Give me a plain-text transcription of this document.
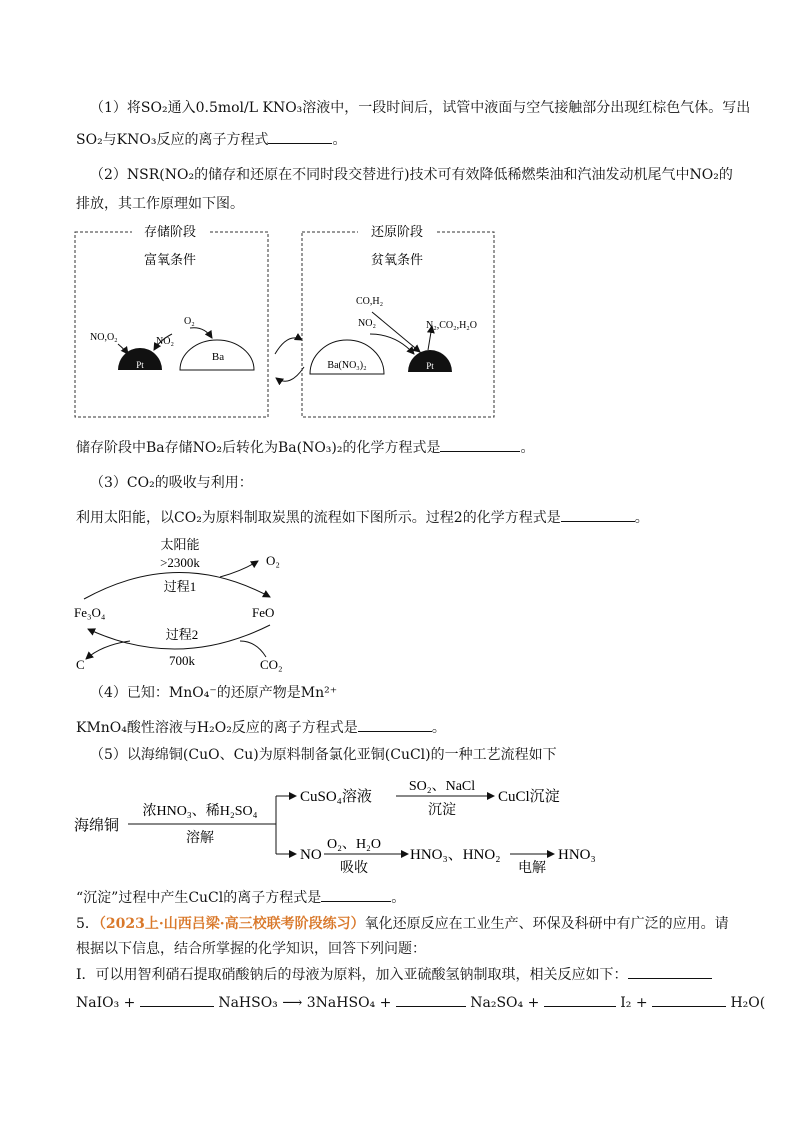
（1）将SO₂通入0.5mol/L KNO₃溶液中，一段时间后，试管中液面与空气接触部分出现红棕色气体。写出
SO₂与KNO₃反应的离子方程式	。
（2）NSR(NO₂的储存和还原在不同时段交替进行)技术可有效降低稀燃柴油和汽油发动机尾气中NO₂的
排放，其工作原理如下图。
存储阶段
富氧条件
Pt
Ba
NO,O₂	NO₂
O₂
还原阶段
贫氧条件
Ba(NO₃)₂	Pt
CO,H₂
NO₂	N₂,CO₂,H₂O
储存阶段中Ba存储NO₂后转化为Ba(NO₃)₂的化学方程式是	。
（3）CO₂的吸收与利用：
利用太阳能，以CO₂为原料制取炭黑的流程如下图所示。过程2的化学方程式是	。
太阳能
>2300k
过程1
O₂
Fe₃O₄	FeO
过程2
C	700k	CO₂
（4）已知：MnO₄⁻的还原产物是Mn²⁺
KMnO₄酸性溶液与H₂O₂反应的离子方程式是	。
（5）以海绵铜(CuO、Cu)为原料制备氯化亚铜(CuCl)的一种工艺流程如下
海绵铜
浓HNO₃、稀H₂SO₄
溶解
CuSO₄溶液
SO₂、NaCl
沉淀
CuCl沉淀
NO
O₂、H₂O
吸收
HNO₃、HNO₂
电解
HNO₃
“沉淀”过程中产生CuCl的离子方程式是	。
5．（2023上·山西吕梁·高三校联考阶段练习）氧化还原反应在工业生产、环保及科研中有广泛的应用。请
根据以下信息，结合所掌握的化学知识，回答下列问题：
Ⅰ．可以用智利硝石提取硝酸钠后的母液为原料，加入亚硫酸氢钠制取琪，相关反应如下：
NaIO₃ +	NaHSO₃ ⟶ 3NaHSO₄ +	Na₂SO₄ +	I₂ +	H₂O(
